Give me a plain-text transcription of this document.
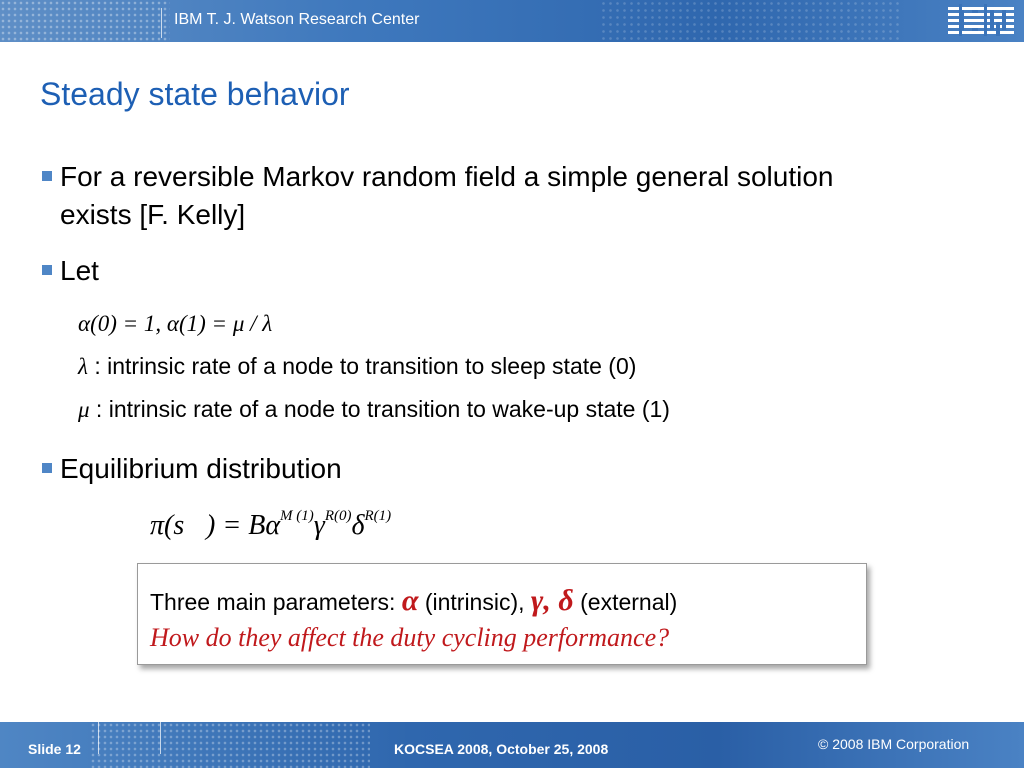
IBM T. J. Watson Research Center
Steady state behavior
For a reversible Markov random field a simple general solution exists [F. Kelly]
Let
α(0) = 1, α(1) = μ / λ
λ : intrinsic rate of a node to transition to sleep state (0)
μ : intrinsic rate of a node to transition to wake-up state (1)
Equilibrium distribution
π(s⃗) = $B\alpha^{M (1)}\gamma^{R(0)}\delta^{R(1)}$
Three main parameters: α (intrinsic), γ, δ (external)
How do they affect the duty cycling performance?
Slide 12	KOCSEA 2008, October 25, 2008	© 2008 IBM Corporation
